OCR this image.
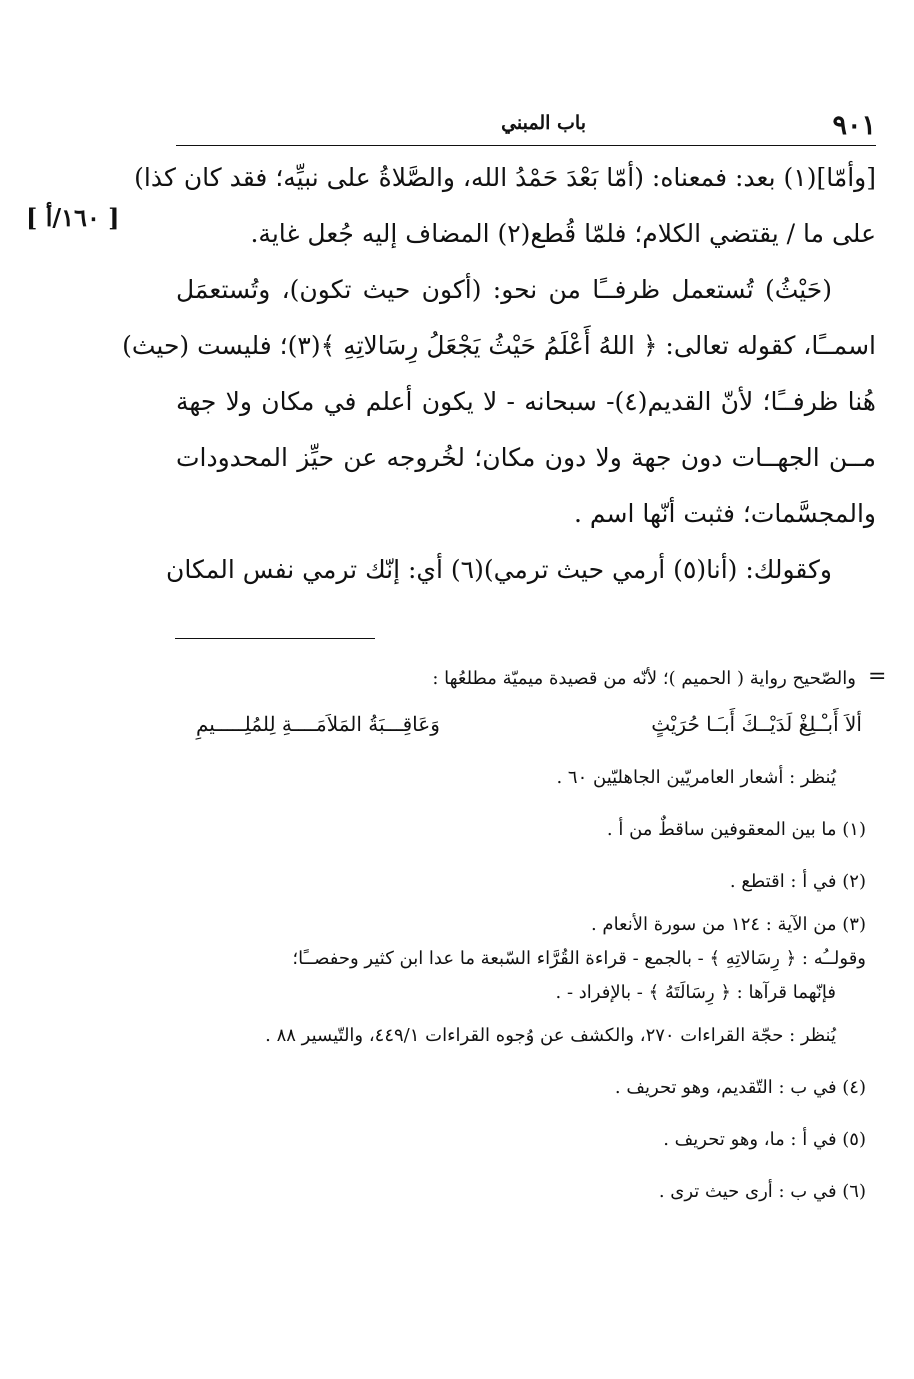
٩٠١
باب المبني
[ ١٦٠/أ ]
[وأمّا](١) بعد: فمعناه: (أمّا بَعْدَ حَمْدُ الله، والصَّلاةُ على نبيِّه؛ فقد كان كذا)
على ما / يقتضي الكلام؛ فلمّا قُطع(٢) المضاف إليه جُعل غاية.
(حَيْثُ) تُستعمل ظرفــًا من نحو: (أكون حيث تكون)، وتُستعمَل
اسمــًا، كقوله تعالى: ﴿ اللهُ أَعْلَمُ حَيْثُ يَجْعَلُ رِسَالاتِهِ ﴾(٣)؛ فليست (حيث)
هُنا ظرفــًا؛ لأنّ القديم(٤)- سبحانه - لا يكون أعلم في مكان ولا جهة
مــن الجهــات دون جهة ولا دون مكان؛ لخُروجه عن حيِّز المحدودات
والمجسَّمات؛ فثبت أنّها اسم .
وكقولك: (أنا(٥) أرمي حيث ترمي)(٦) أي: إنّك ترمي نفس المكان
=
والصّحيح رواية ( الحميم )؛ لأنّه من قصيدة ميميّة مطلعُها :
ألاَ أَبـْـلِغْ لَدَيْــكَ أَبـَـا حُرَيْثٍ
وَعَاقِـــبَةُ المَلاَمَــــةِ لِلمُلِـــــيمِ
يُنظر : أشعار العامريّين الجاهليّين ٦٠ .
(١) ما بين المعقوفين ساقطٌ من أ .
(٢) في أ : اقتطع .
(٣) من الآية : ١٢٤ من سورة الأنعام .
وقولــُه : ﴿ رِسَالاتِهِ ﴾ - بالجمع - قراءة القُرَّاء السّبعة ما عدا ابن كثير وحفصــًا؛
فإنّهما قرآها : ﴿ رِسَالَتَهُ ﴾ - بالإفراد - .
يُنظر : حجّة القراءات ٢٧٠، والكشف عن وُجوه القراءات ٤٤٩/١، والتّيسير ٨٨ .
(٤) في ب : التّقديم، وهو تحريف .
(٥) في أ : ما، وهو تحريف .
(٦) في ب : أرى حيث ترى .
